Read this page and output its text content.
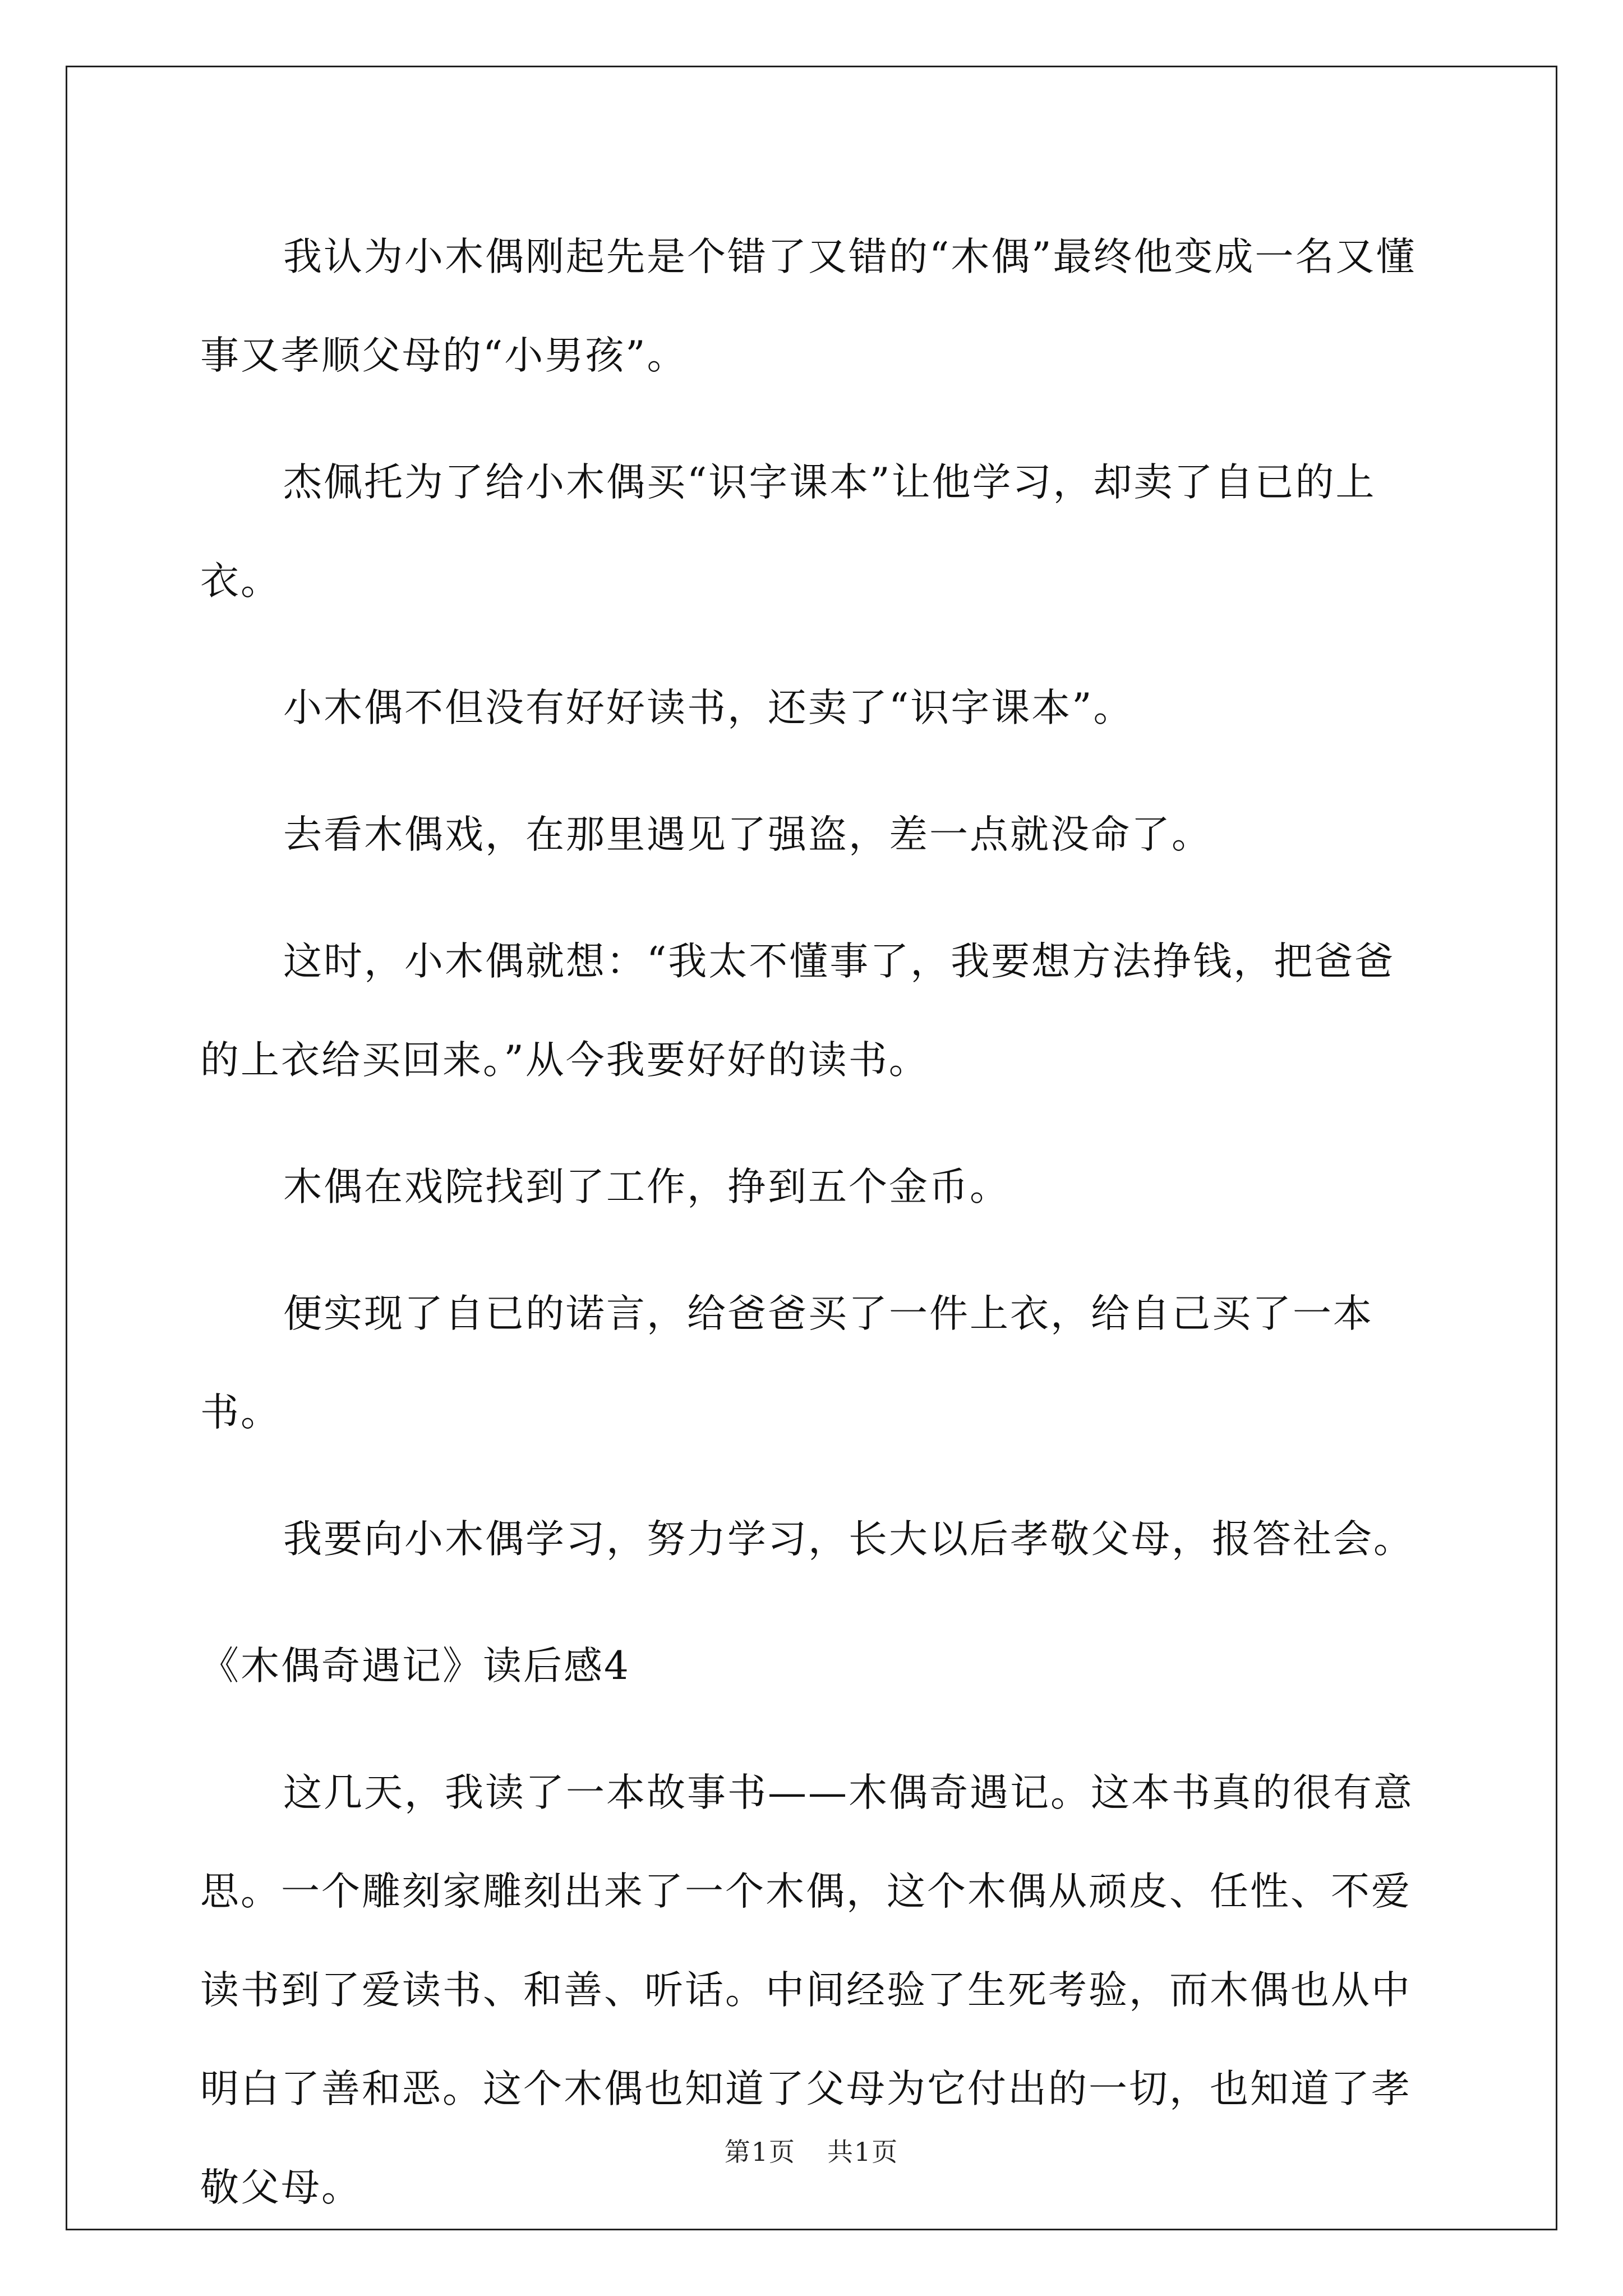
我认为小木偶刚起先是个错了又错的“木偶”最终他变成一名又懂事又孝顺父母的“小男孩”。

杰佩托为了给小木偶买“识字课本”让他学习，却卖了自已的上衣。

小木偶不但没有好好读书，还卖了“识字课本”。

去看木偶戏，在那里遇见了强盗，差一点就没命了。

这时，小木偶就想：“我太不懂事了，我要想方法挣钱，把爸爸的上衣给买回来。”从今我要好好的读书。

木偶在戏院找到了工作，挣到五个金币。

便实现了自已的诺言，给爸爸买了一件上衣，给自己买了一本书。

我要向小木偶学习，努力学习，长大以后孝敬父母，报答社会。

《木偶奇遇记》读后感4

这几天，我读了一本故事书——木偶奇遇记。这本书真的很有意思。一个雕刻家雕刻出来了一个木偶，这个木偶从顽皮、任性、不爱读书到了爱读书、和善、听话。中间经验了生死考验，而木偶也从中明白了善和恶。这个木偶也知道了父母为它付出的一切，也知道了孝敬父母。

第1页 共1页
